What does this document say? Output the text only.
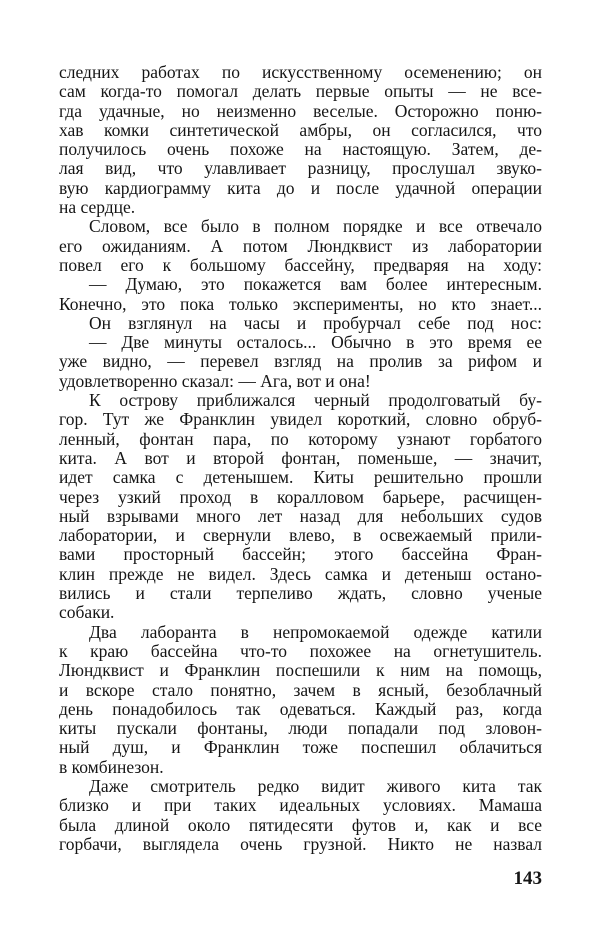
следних работах по искусственному осеменению; он
сам когда-то помогал делать первые опыты — не все-
гда удачные, но неизменно веселые. Осторожно поню-
хав комки синтетической амбры, он согласился, что
получилось очень похоже на настоящую. Затем, де-
лая вид, что улавливает разницу, прослушал звуко-
вую кардиограмму кита до и после удачной операции
на сердце.
Словом, все было в полном порядке и все отвечало
его ожиданиям. А потом Люндквист из лаборатории
повел его к большому бассейну, предваряя на ходу:
— Думаю, это покажется вам более интересным.
Конечно, это пока только эксперименты, но кто знает...
Он взглянул на часы и пробурчал себе под нос:
— Две минуты осталось... Обычно в это время ее
уже видно, — перевел взгляд на пролив за рифом и
удовлетворенно сказал: — Ага, вот и она!
К острову приближался черный продолговатый бу-
гор. Тут же Франклин увидел короткий, словно обруб-
ленный, фонтан пара, по которому узнают горбатого
кита. А вот и второй фонтан, поменьше, — значит,
идет самка с детенышем. Киты решительно прошли
через узкий проход в коралловом барьере, расчищен-
ный взрывами много лет назад для небольших судов
лаборатории, и свернули влево, в освежаемый прили-
вами просторный бассейн; этого бассейна Фран-
клин прежде не видел. Здесь самка и детеныш остано-
вились и стали терпеливо ждать, словно ученые
собаки.
Два лаборанта в непромокаемой одежде катили
к краю бассейна что-то похожее на огнетушитель.
Люндквист и Франклин поспешили к ним на помощь,
и вскоре стало понятно, зачем в ясный, безоблачный
день понадобилось так одеваться. Каждый раз, когда
киты пускали фонтаны, люди попадали под зловон-
ный душ, и Франклин тоже поспешил облачиться
в комбинезон.
Даже смотритель редко видит живого кита так
близко и при таких идеальных условиях. Мамаша
была длиной около пятидесяти футов и, как и все
горбачи, выглядела очень грузной. Никто не назвал
143
